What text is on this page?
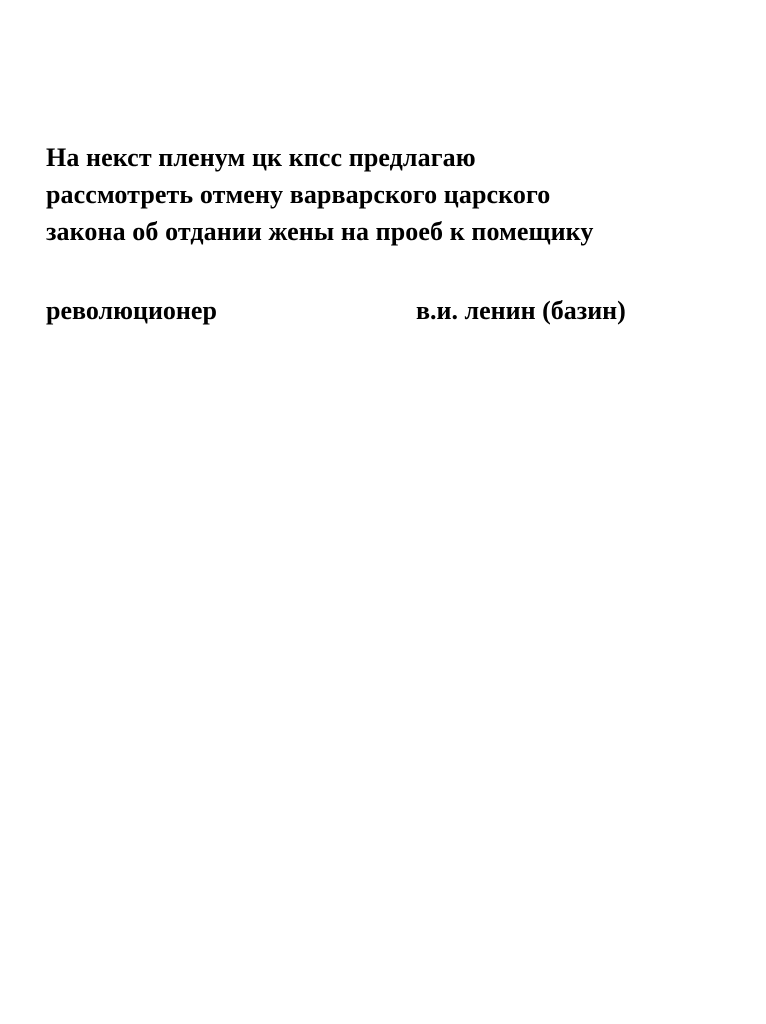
На некст пленум цк кпсс предлагаю
рассмотреть отмену варварского царского
закона об отдании жены на проеб к помещику

революционер	в.и. ленин (базин)
